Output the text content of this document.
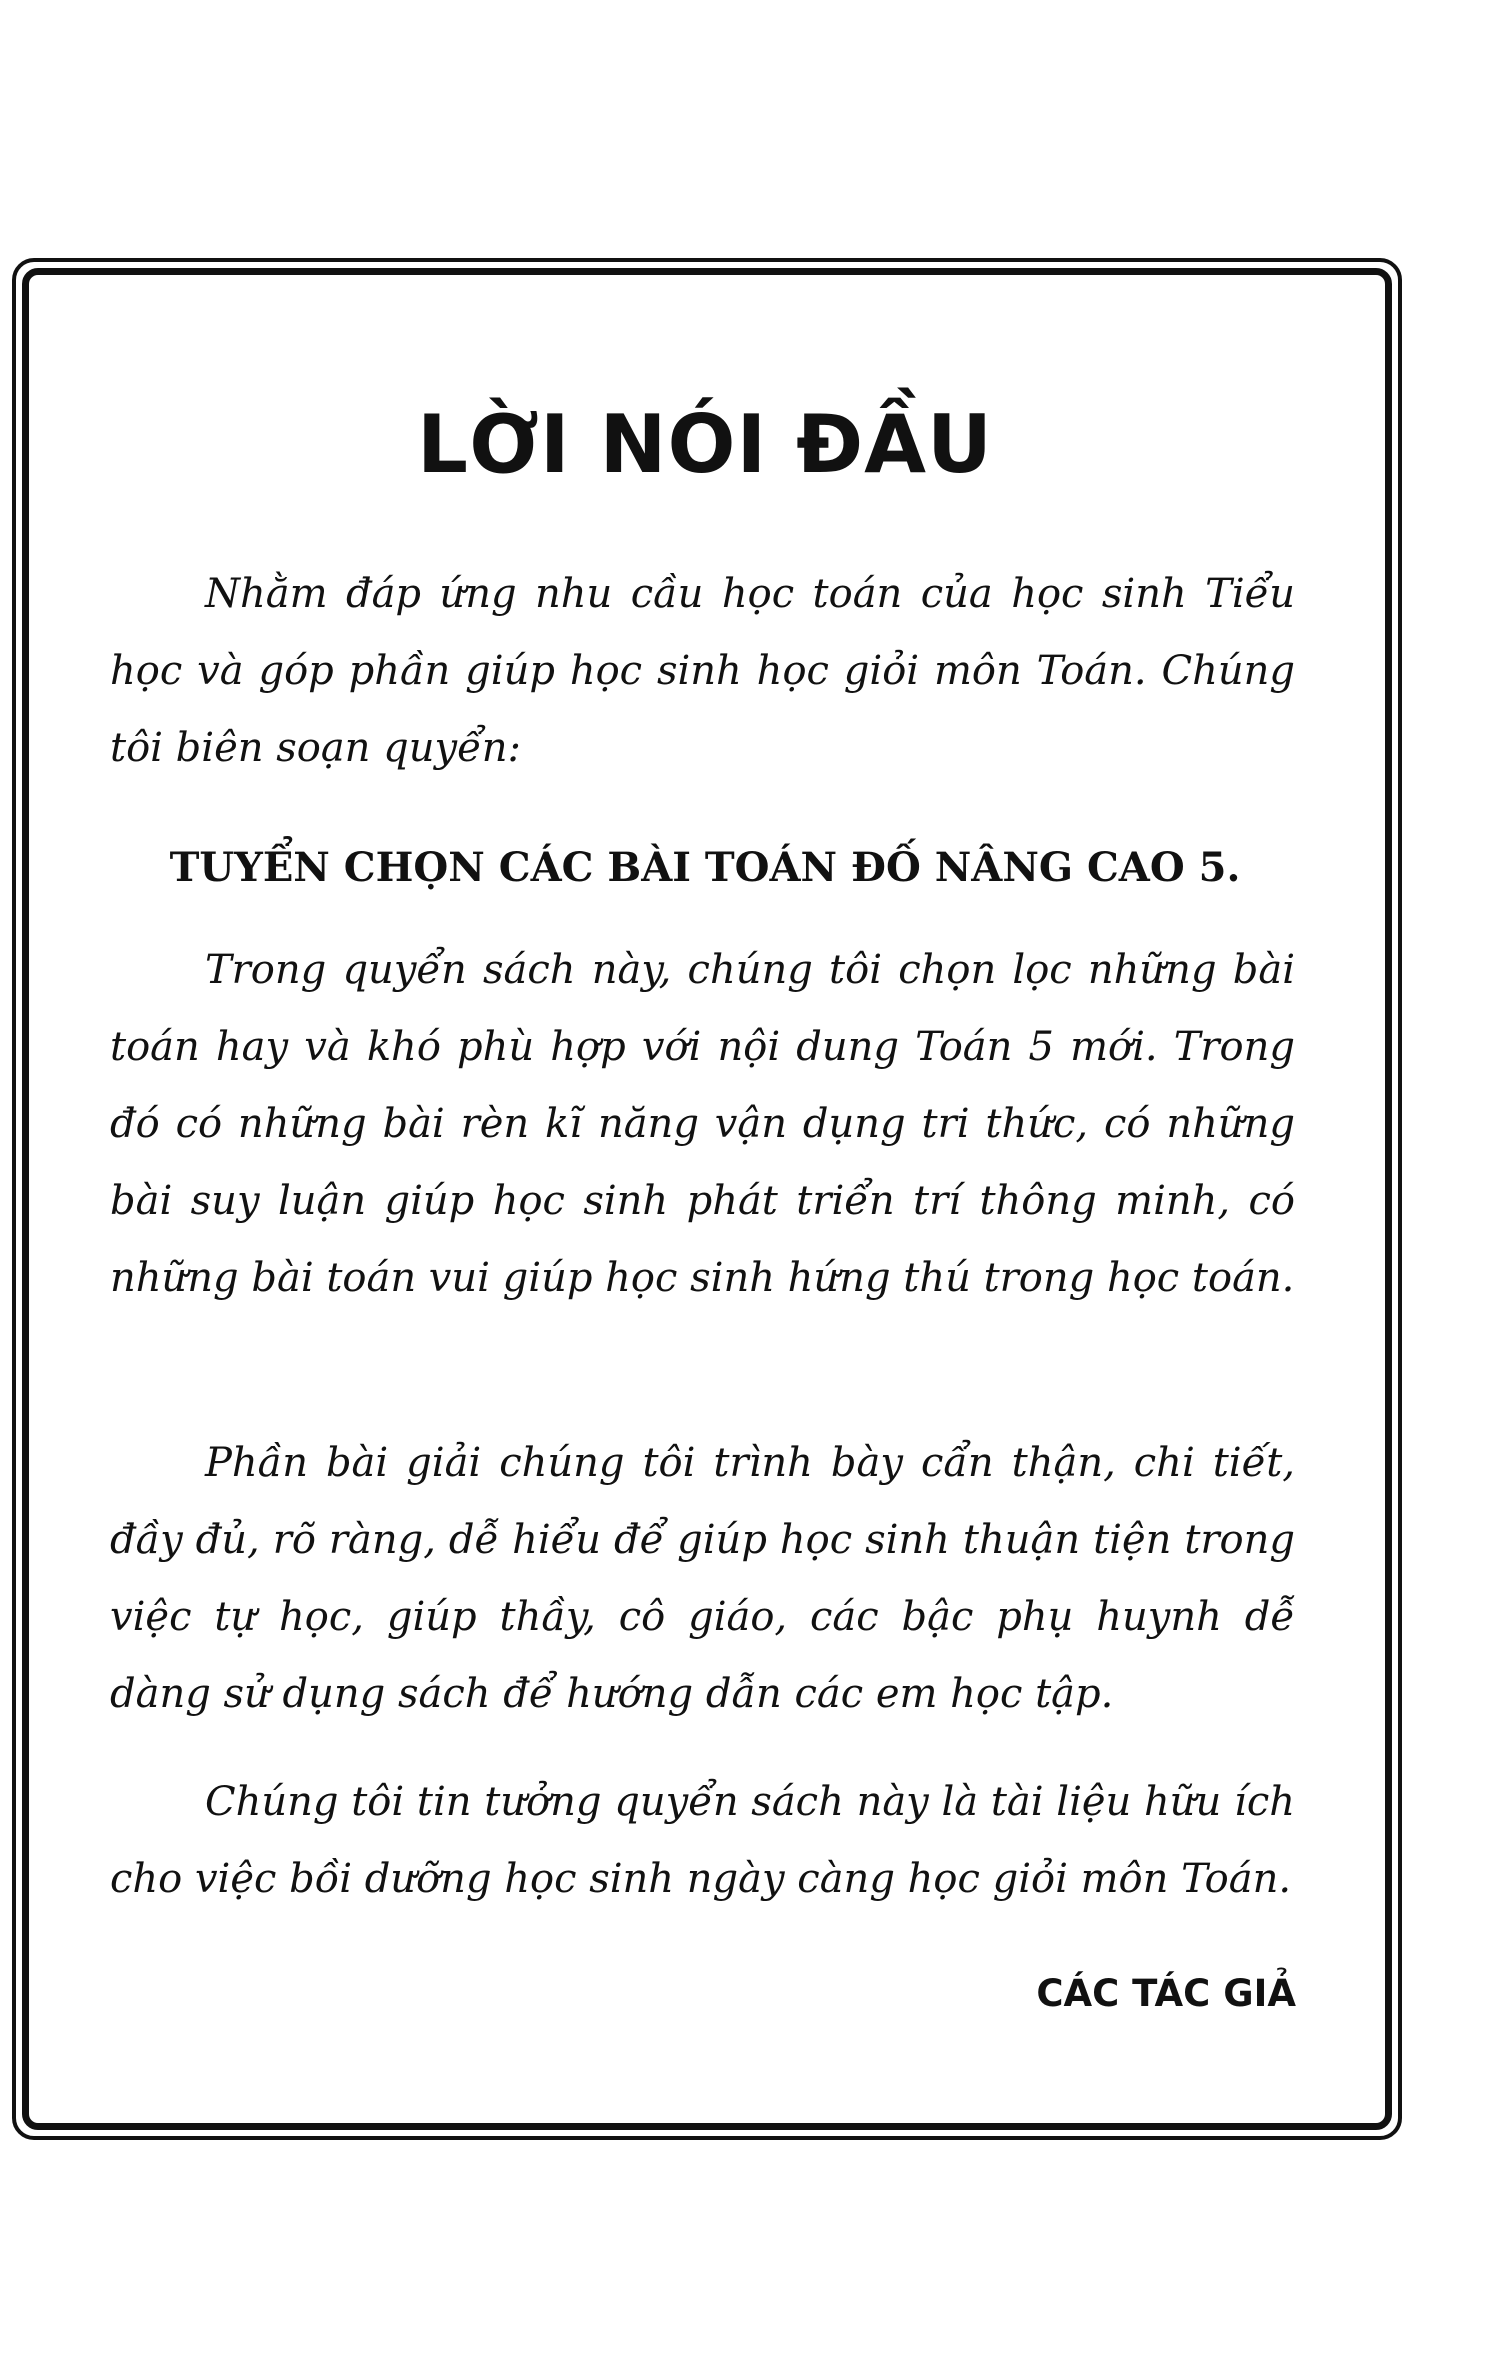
LỜI NÓI ĐẦU

Nhằm đáp ứng nhu cầu học toán của học sinh Tiểu học và góp phần giúp học sinh học giỏi môn Toán. Chúng tôi biên soạn quyển:

TUYỂN CHỌN CÁC BÀI TOÁN ĐỐ NÂNG CAO 5.

Trong quyển sách này, chúng tôi chọn lọc những bài toán hay và khó phù hợp với nội dung Toán 5 mới. Trong đó có những bài rèn kĩ năng vận dụng tri thức, có những bài suy luận giúp học sinh phát triển trí thông minh, có những bài toán vui giúp học sinh hứng thú trong học toán.

Phần bài giải chúng tôi trình bày cẩn thận, chi tiết, đầy đủ, rõ ràng, dễ hiểu để giúp học sinh thuận tiện trong việc tự học, giúp thầy, cô giáo, các bậc phụ huynh dễ dàng sử dụng sách để hướng dẫn các em học tập.

Chúng tôi tin tưởng quyển sách này là tài liệu hữu ích cho việc bồi dưỡng học sinh ngày càng học giỏi môn Toán.

CÁC TÁC GIẢ
